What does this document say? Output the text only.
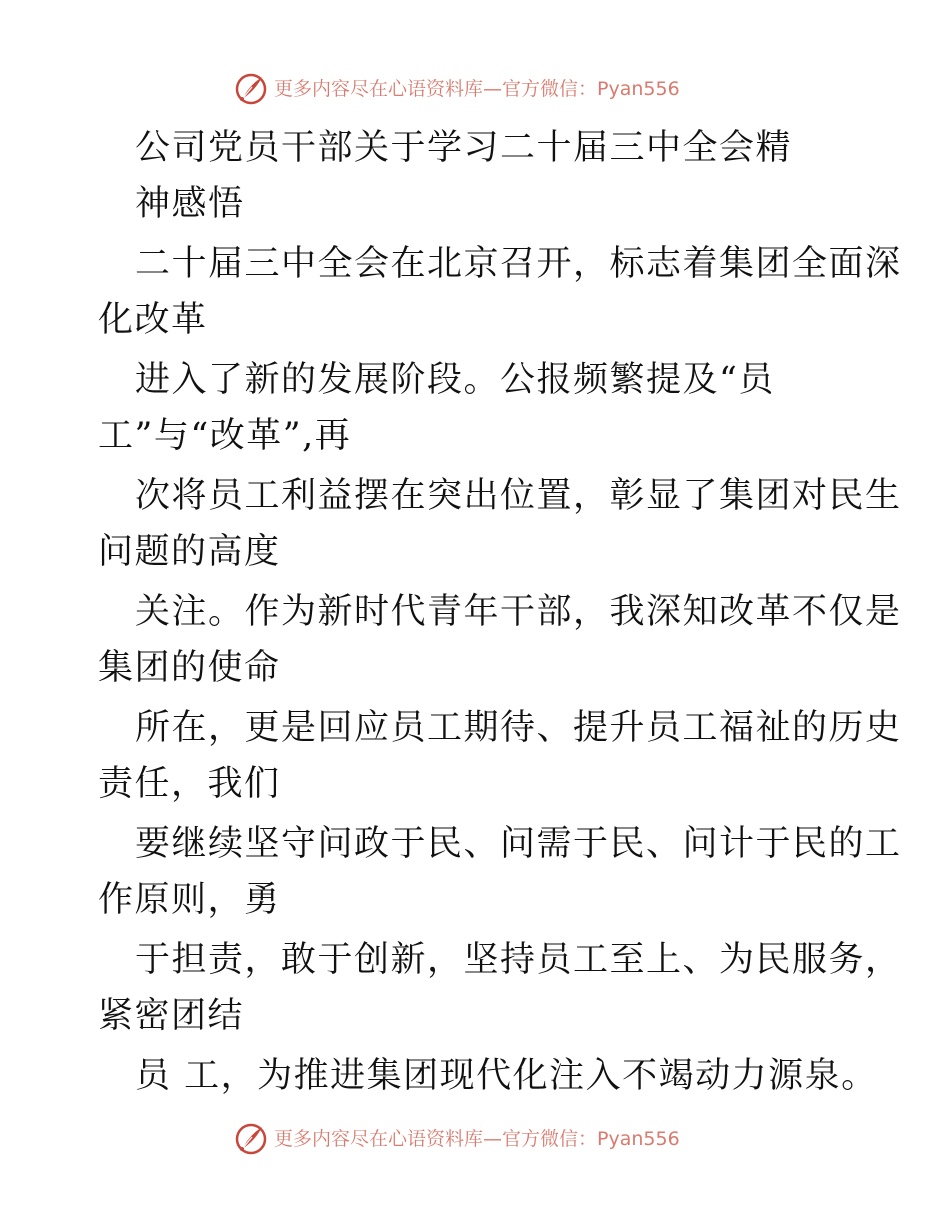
更多内容尽在心语资料库—官方微信：Pyan556
公司党员干部关于学习二十届三中全会精
神感悟
二十届三中全会在北京召开，标志着集团全面深
化改革
进入了新的发展阶段。公报频繁提及“员
工”与“改革”,再
次将员工利益摆在突出位置，彰显了集团对民生
问题的高度
关注。作为新时代青年干部，我深知改革不仅是
集团的使命
所在，更是回应员工期待、提升员工福祉的历史
责任，我们
要继续坚守问政于民、问需于民、问计于民的工
作原则，勇
于担责，敢于创新，坚持员工至上、为民服务，
紧密团结
员 工，为推进集团现代化注入不竭动力源泉。
更多内容尽在心语资料库—官方微信：Pyan556
